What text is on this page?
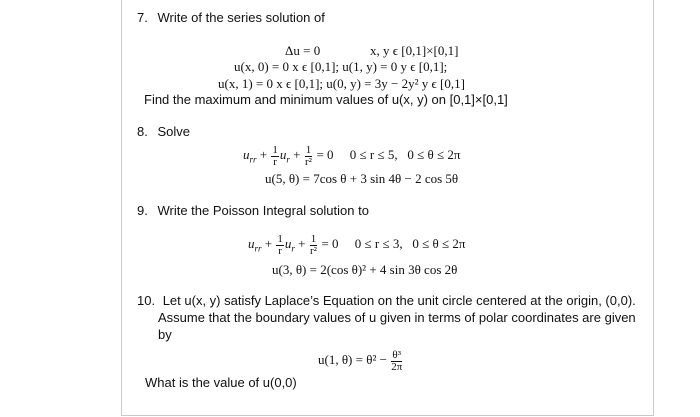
7. Write of the series solution of
Δu = 0	x, y ϵ [0,1]×[0,1]
u(x, 0) = 0 x ϵ [0,1]; u(1, y) = 0 y ϵ [0,1];
u(x, 1) = 0 x ϵ [0,1]; u(0, y) = 3y − 2y² y ϵ [0,1]
Find the maximum and minimum values of u(x, y) on [0,1]×[0,1]
8. Solve
$u_{rr} + \frac{1}{r} u_r + \frac{1}{\text{r²}} = 0$     0 ≤ r ≤ 5,   0 ≤ θ ≤ 2π
u(5, θ) = 7cos θ + 3 sin 4θ − 2 cos 5θ
9. Write the Poisson Integral solution to
$u_{rr} + \frac{1}{r} u_r + \frac{1}{\text{r²}} = 0$     0 ≤ r ≤ 3,   0 ≤ θ ≤ 2π
u(3, θ) = 2(cos θ)² + 4 sin 3θ cos 2θ
10. Let u(x, y) satisfy Laplace’s Equation on the unit circle centered at the origin, (0,0).
Assume that the boundary values of u given in terms of polar coordinates are given
by
u(1, $\theta) = \theta^2 - \frac{\text{θ³}}{2\pi}$
What is the value of u(0,0)
